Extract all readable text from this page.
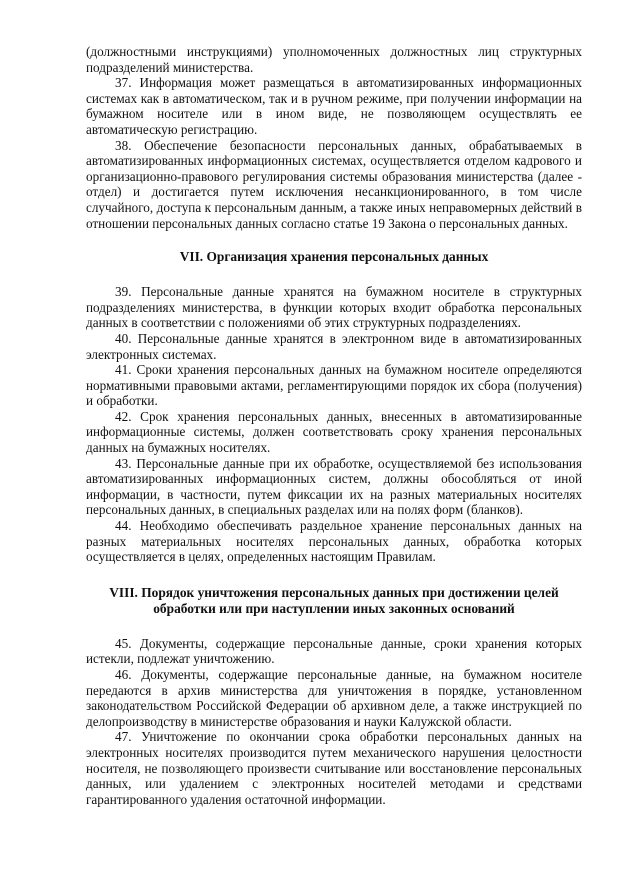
(должностными инструкциями) уполномоченных должностных лиц структурных подразделений министерства.

37. Информация может размещаться в автоматизированных информационных системах как в автоматическом, так и в ручном режиме, при получении информации на бумажном носителе или в ином виде, не позволяющем осуществлять ее автоматическую регистрацию.

38. Обеспечение безопасности персональных данных, обрабатываемых в автоматизированных информационных системах, осуществляется отделом кадрового и организационно-правового регулирования системы образования министерства (далее - отдел) и достигается путем исключения несанкционированного, в том числе случайного, доступа к персональным данным, а также иных неправомерных действий в отношении персональных данных согласно статье 19 Закона о персональных данных.

VII. Организация хранения персональных данных

39. Персональные данные хранятся на бумажном носителе в структурных подразделениях министерства, в функции которых входит обработка персональных данных в соответствии с положениями об этих структурных подразделениях.

40. Персональные данные хранятся в электронном виде в автоматизированных электронных системах.

41. Сроки хранения персональных данных на бумажном носителе определяются нормативными правовыми актами, регламентирующими порядок их сбора (получения) и обработки.

42. Срок хранения персональных данных, внесенных в автоматизированные информационные системы, должен соответствовать сроку хранения персональных данных на бумажных носителях.

43. Персональные данные при их обработке, осуществляемой без использования автоматизированных информационных систем, должны обособляться от иной информации, в частности, путем фиксации их на разных материальных носителях персональных данных, в специальных разделах или на полях форм (бланков).

44. Необходимо обеспечивать раздельное хранение персональных данных на разных материальных носителях персональных данных, обработка которых осуществляется в целях, определенных настоящим Правилам.

VIII. Порядок уничтожения персональных данных при достижении целей
обработки или при наступлении иных законных оснований

45. Документы, содержащие персональные данные, сроки хранения которых истекли, подлежат уничтожению.

46. Документы, содержащие персональные данные, на бумажном носителе передаются в архив министерства для уничтожения в порядке, установленном законодательством Российской Федерации об архивном деле, а также инструкцией по делопроизводству в министерстве образования и науки Калужской области.

47. Уничтожение по окончании срока обработки персональных данных на электронных носителях производится путем механического нарушения целостности носителя, не позволяющего произвести считывание или восстановление персональных данных, или удалением с электронных носителей методами и средствами гарантированного удаления остаточной информации.
